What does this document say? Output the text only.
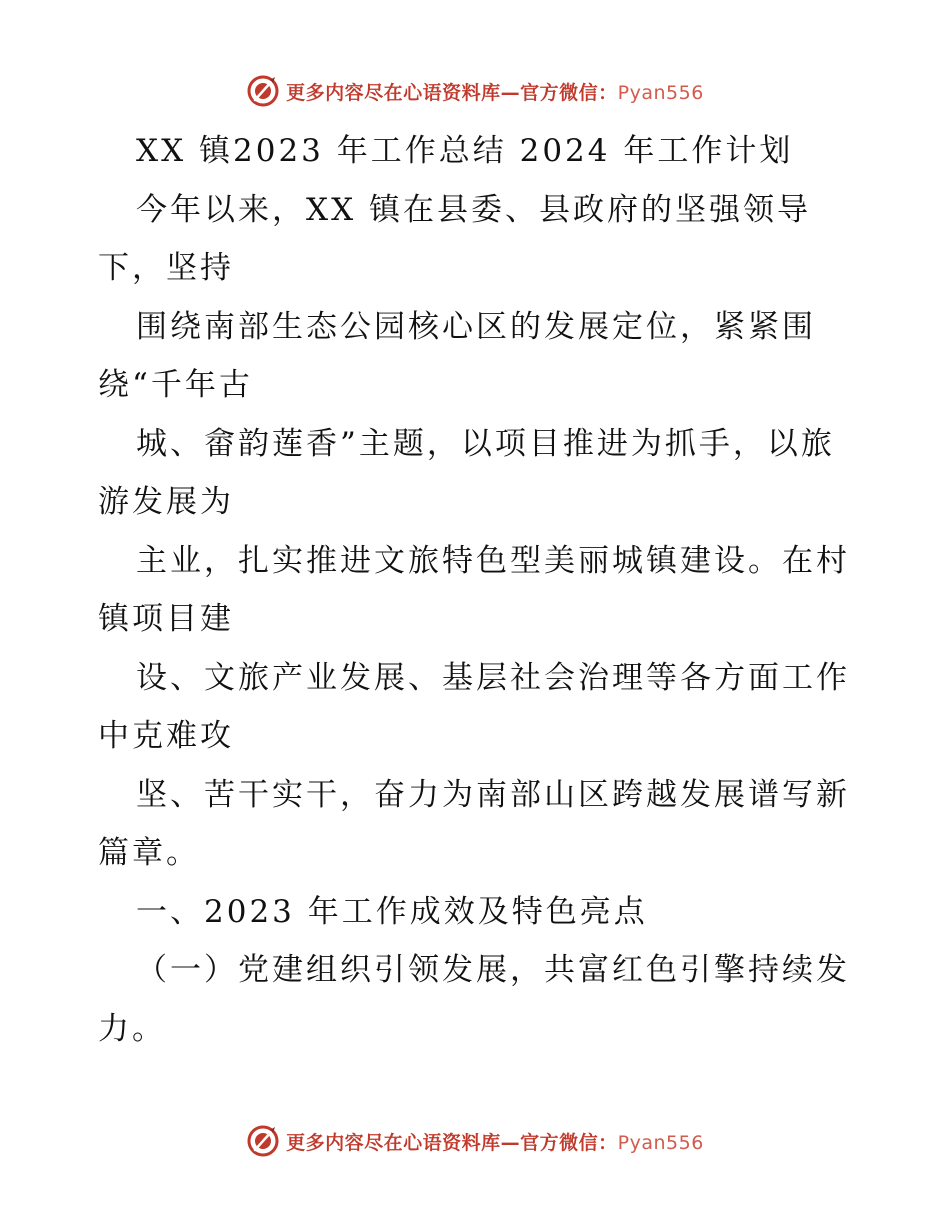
更多内容尽在心语资料库—官方微信：Pyan556
XX 镇2023 年工作总结 2024 年工作计划
今年以来，XX 镇在县委、县政府的坚强领导
下，坚持
围绕南部生态公园核心区的发展定位，紧紧围
绕“千年古
城、畲韵莲香”主题，以项目推进为抓手，以旅
游发展为
主业，扎实推进文旅特色型美丽城镇建设。在村
镇项目建
设、文旅产业发展、基层社会治理等各方面工作
中克难攻
坚、苦干实干，奋力为南部山区跨越发展谱写新
篇章。
一、2023 年工作成效及特色亮点
（一）党建组织引领发展，共富红色引擎持续发
力。
更多内容尽在心语资料库—官方微信：Pyan556
